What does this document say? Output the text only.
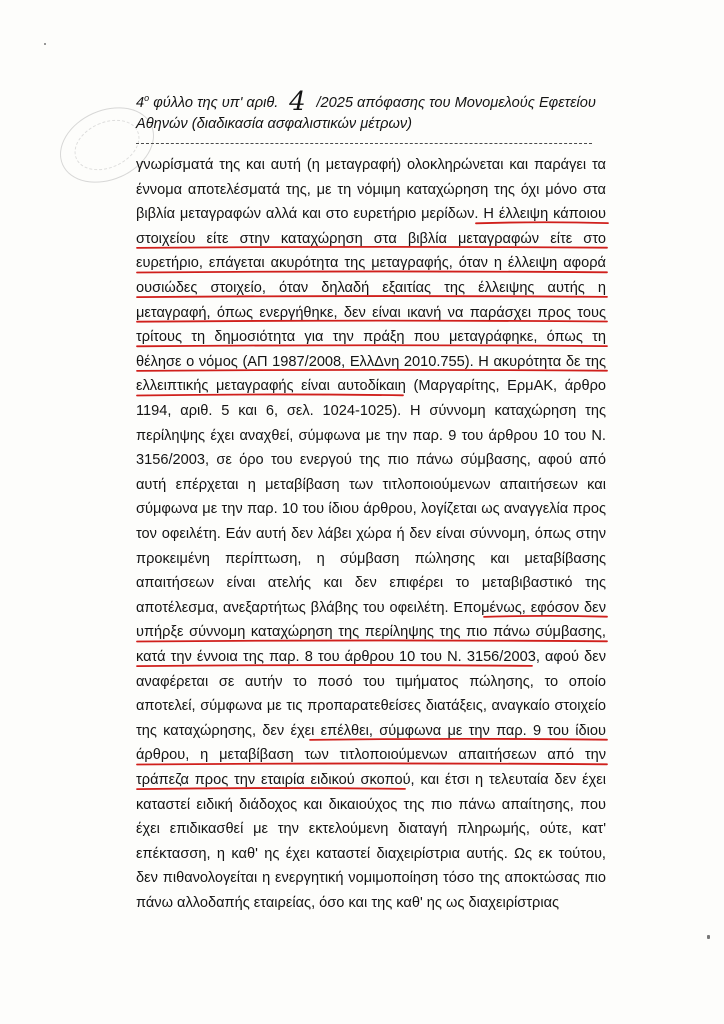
$4^o$ φύλλο της υπ' αριθ. 4 /2025 απόφασης του Μονομελούς Εφετείου
Αθηνών (διαδικασία ασφαλιστικών μέτρων)
γνωρίσματά της και αυτή (η μεταγραφή) ολοκληρώνεται και παράγει τα
έννομα αποτελέσματά της, με τη νόμιμη καταχώρηση της όχι μόνο στα
βιβλία μεταγραφών αλλά και στο ευρετήριο μερίδων. Η έλλειψη κάποιου
στοιχείου είτε στην καταχώρηση στα βιβλία μεταγραφών είτε στο
ευρετήριο, επάγεται ακυρότητα της μεταγραφής, όταν η έλλειψη αφορά
ουσιώδες στοιχείο, όταν δηλαδή εξαιτίας της έλλειψης αυτής η
μεταγραφή, όπως ενεργήθηκε, δεν είναι ικανή να παράσχει προς τους
τρίτους τη δημοσιότητα για την πράξη που μεταγράφηκε, όπως τη
θέλησε ο νόμος (ΑΠ 1987/2008, ΕλλΔνη 2010.755). Η ακυρότητα δε της
ελλειπτικής μεταγραφής είναι αυτοδίκαιη (Μαργαρίτης, ΕρμΑΚ, άρθρο
1194, αριθ. 5 και 6, σελ. 1024-1025). Η σύννομη καταχώρηση της
περίληψης έχει αναχθεί, σύμφωνα με την παρ. 9 του άρθρου 10 του Ν.
3156/2003, σε όρο του ενεργού της πιο πάνω σύμβασης, αφού από
αυτή επέρχεται η μεταβίβαση των τιτλοποιούμενων απαιτήσεων και
σύμφωνα με την παρ. 10 του ίδιου άρθρου, λογίζεται ως αναγγελία προς
τον οφειλέτη. Εάν αυτή δεν λάβει χώρα ή δεν είναι σύννομη, όπως στην
προκειμένη περίπτωση, η σύμβαση πώλησης και μεταβίβασης
απαιτήσεων είναι ατελής και δεν επιφέρει το μεταβιβαστικό της
αποτέλεσμα, ανεξαρτήτως βλάβης του οφειλέτη. Επομένως, εφόσον δεν
υπήρξε σύννομη καταχώρηση της περίληψης της πιο πάνω σύμβασης,
κατά την έννοια της παρ. 8 του άρθρου 10 του Ν. 3156/2003, αφού δεν
αναφέρεται σε αυτήν το ποσό του τιμήματος πώλησης, το οποίο
αποτελεί, σύμφωνα με τις προπαρατεθείσες διατάξεις, αναγκαίο στοιχείο
της καταχώρησης, δεν έχει επέλθει, σύμφωνα με την παρ. 9 του ίδιου
άρθρου, η μεταβίβαση των τιτλοποιούμενων απαιτήσεων από την
τράπεζα προς την εταιρία ειδικού σκοπού, και έτσι η τελευταία δεν έχει
καταστεί ειδική διάδοχος και δικαιούχος της πιο πάνω απαίτησης, που
έχει επιδικασθεί με την εκτελούμενη διαταγή πληρωμής, ούτε, κατ'
επέκτασση, η καθ' ης έχει καταστεί διαχειρίστρια αυτής. Ως εκ τούτου,
δεν πιθανολογείται η ενεργητική νομιμοποίηση τόσο της αποκτώσας πιο
πάνω αλλοδαπής εταιρείας, όσο και της καθ' ης ως διαχειρίστριας
